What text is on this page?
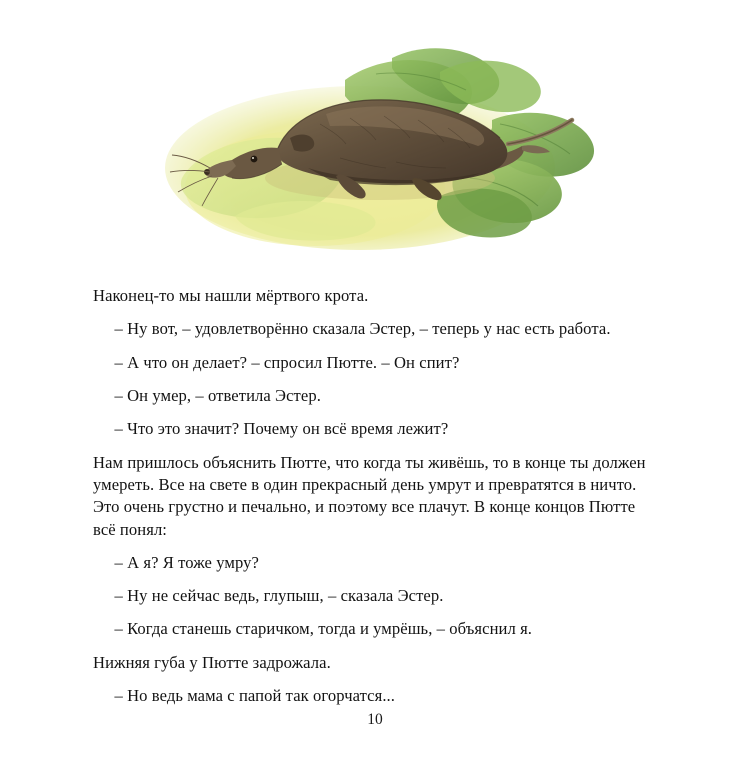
Наконец-то мы нашли мёртвого крота.

– Ну вот, – удовлетворённо сказала Эстер, – теперь у нас есть работа.

– А что он делает? – спросил Пютте. – Он спит?

– Он умер, – ответила Эстер.

– Что это значит? Почему он всё время лежит?

Нам пришлось объяснить Пютте, что когда ты живёшь, то в конце ты должен умереть. Все на свете в один прекрасный день умрут и превратятся в ничто. Это очень грустно и печально, и поэтому все плачут. В конце концов Пютте всё понял:

– А я? Я тоже умру?

– Ну не сейчас ведь, глупыш, – сказала Эстер.

– Когда станешь старичком, тогда и умрёшь, – объяснил я.

Нижняя губа у Пютте задрожала.

– Но ведь мама с папой так огорчатся...

10
